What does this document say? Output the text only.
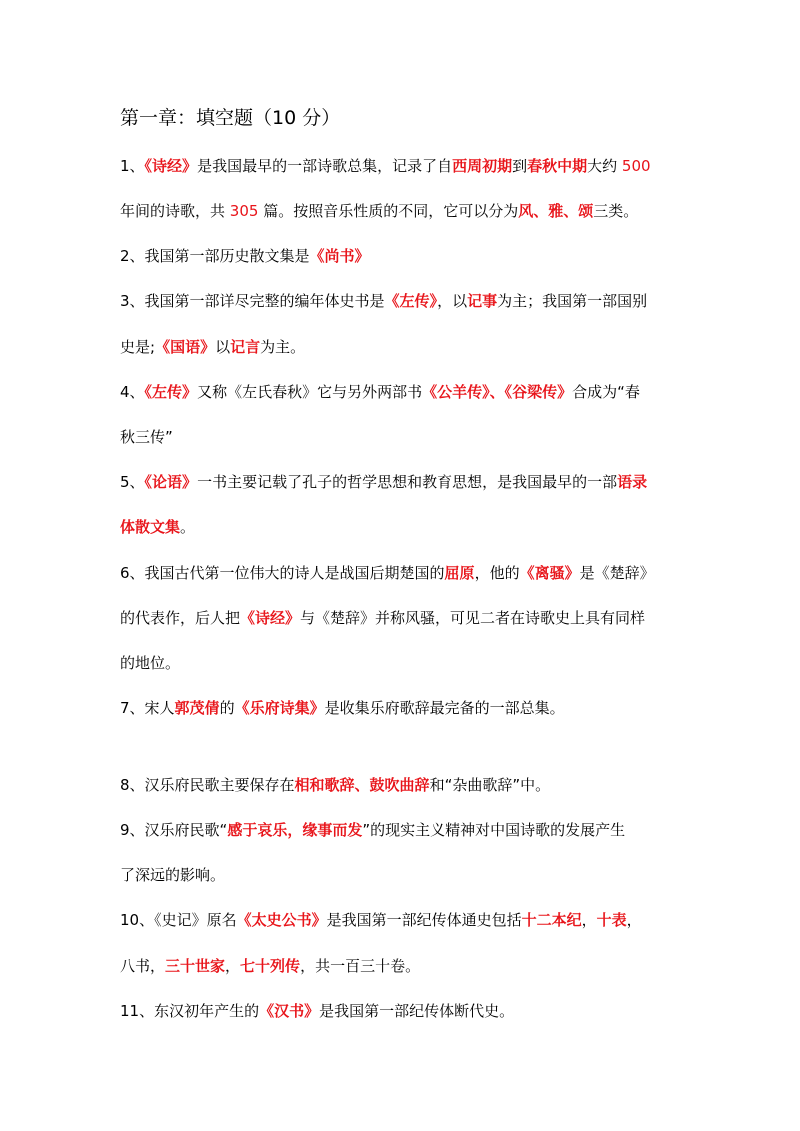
第一章：填空题（10 分）
1、《诗经》是我国最早的一部诗歌总集，记录了自西周初期到春秋中期大约 500
年间的诗歌，共 305 篇。按照音乐性质的不同，它可以分为风、雅、颂三类。
2、我国第一部历史散文集是《尚书》
3、我国第一部详尽完整的编年体史书是《左传》，以记事为主；我国第一部国别
史是;《国语》以记言为主。
4、《左传》又称《左氏春秋》它与另外两部书《公羊传》、《谷梁传》合成为“春
秋三传”
5、《论语》一书主要记载了孔子的哲学思想和教育思想，是我国最早的一部语录
体散文集。
6、我国古代第一位伟大的诗人是战国后期楚国的屈原，他的《离骚》是《楚辞》
的代表作，后人把《诗经》与《楚辞》并称风骚，可见二者在诗歌史上具有同样
的地位。
7、宋人郭茂倩的《乐府诗集》是收集乐府歌辞最完备的一部总集。
8、汉乐府民歌主要保存在相和歌辞、鼓吹曲辞和“杂曲歌辞”中。
9、汉乐府民歌“感于哀乐，缘事而发”的现实主义精神对中国诗歌的发展产生
了深远的影响。
10、《史记》原名《太史公书》是我国第一部纪传体通史包括十二本纪，十表，
八书，三十世家，七十列传，共一百三十卷。
11、东汉初年产生的《汉书》是我国第一部纪传体断代史。
